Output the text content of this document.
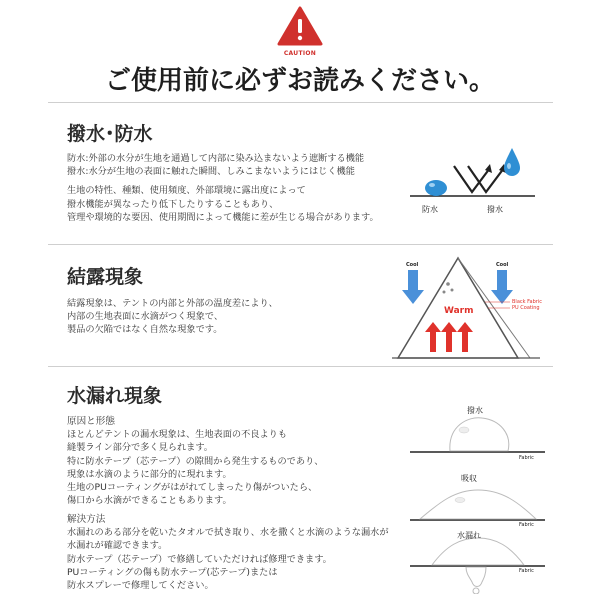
CAUTION
ご使用前に必ずお読みください。
撥水･防水
防水:外部の水分が生地を通過して内部に染み込まないよう遮断する機能
撥水:水分が生地の表面に触れた瞬間、しみこまないようにはじく機能
生地の特性、種類、使用頻度、外部環境に露出度によって
撥水機能が異なったり低下したりすることもあり、
管理や環境的な要因、使用期間によって機能に差が生じる場合があります。
防水	撥水
結露現象
結露現象は、テントの内部と外部の温度差により、
内部の生地表面に水滴がつく現象で、
製品の欠陥ではなく自然な現象です。
Cool	Cool
Warm
Black Fabric
PU Coating
水漏れ現象
原因と形態
ほとんどテントの漏水現象は、生地表面の不良よりも
縫製ライン部分で多く見られます。
特に防水テープ（芯テープ）の隙間から発生するものであり、
現象は水滴のように部分的に現れます。
生地のPUコーティングがはがれてしまったり傷がついたら、
傷口から水滴ができることもあります。
解決方法
水漏れのある部分を乾いたタオルで拭き取り、水を撒くと水滴のような漏水が
水漏れが確認できます。
防水テープ（芯テープ）で修繕していただければ修理できます。
PUコーティングの傷も防水テープ(芯テープ)または
防水スプレーで修理してください。
撥水
Fabric
吸収
Fabric
水漏れ
Fabric
